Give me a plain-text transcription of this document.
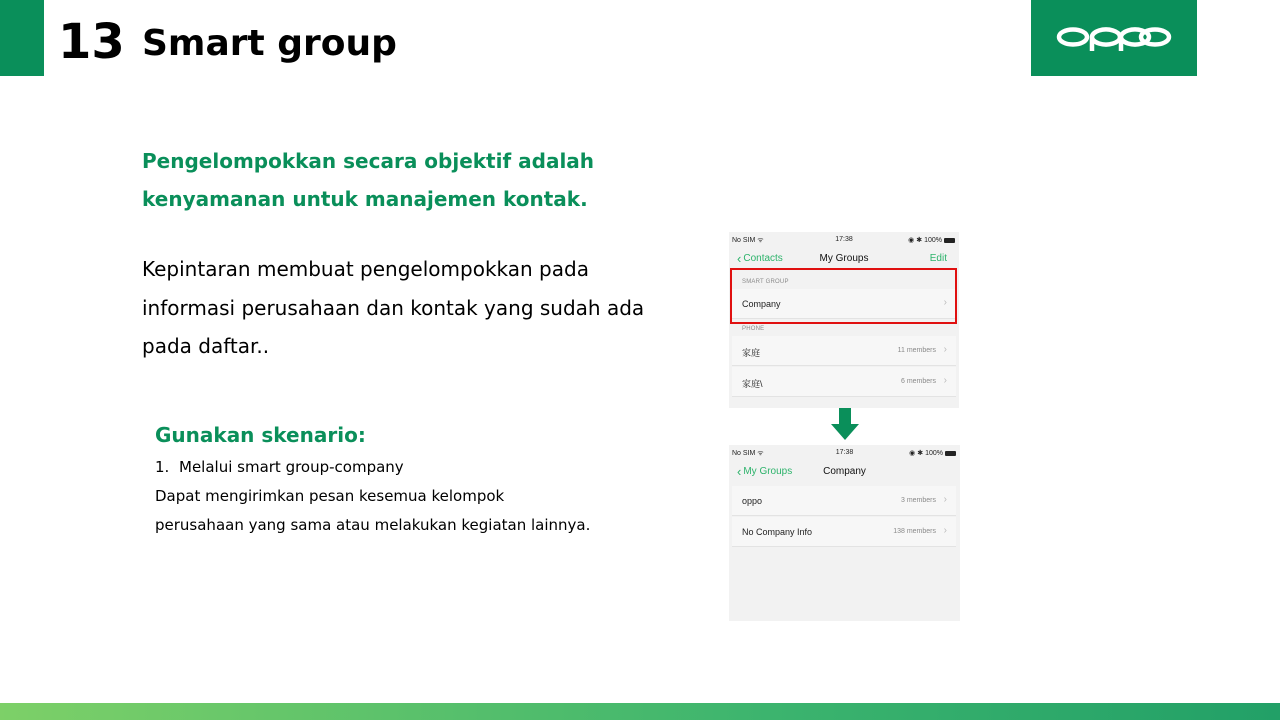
13 Smart group
Pengelompokkan secara objektif adalah
kenyamanan untuk manajemen kontak.
Kepintaran membuat pengelompokkan pada
informasi perusahaan dan kontak yang sudah ada
pada daftar..
Gunakan skenario:
1. Melalui smart group-company
Dapat mengirimkan pesan kesemua kelompok
perusahaan yang sama atau melakukan kegiatan lainnya.
No SIM ᯤ	17:38	◉ ✱ 100%
‹ Contacts	My Groups	Edit
SMART GROUP
Company	›
PHONE
家庭	11 members ›
家庭\	6 members ›
No SIM ᯤ	17:38	◉ ✱ 100%
‹ My Groups	Company
oppo	3 members ›
No Company Info	138 members ›
